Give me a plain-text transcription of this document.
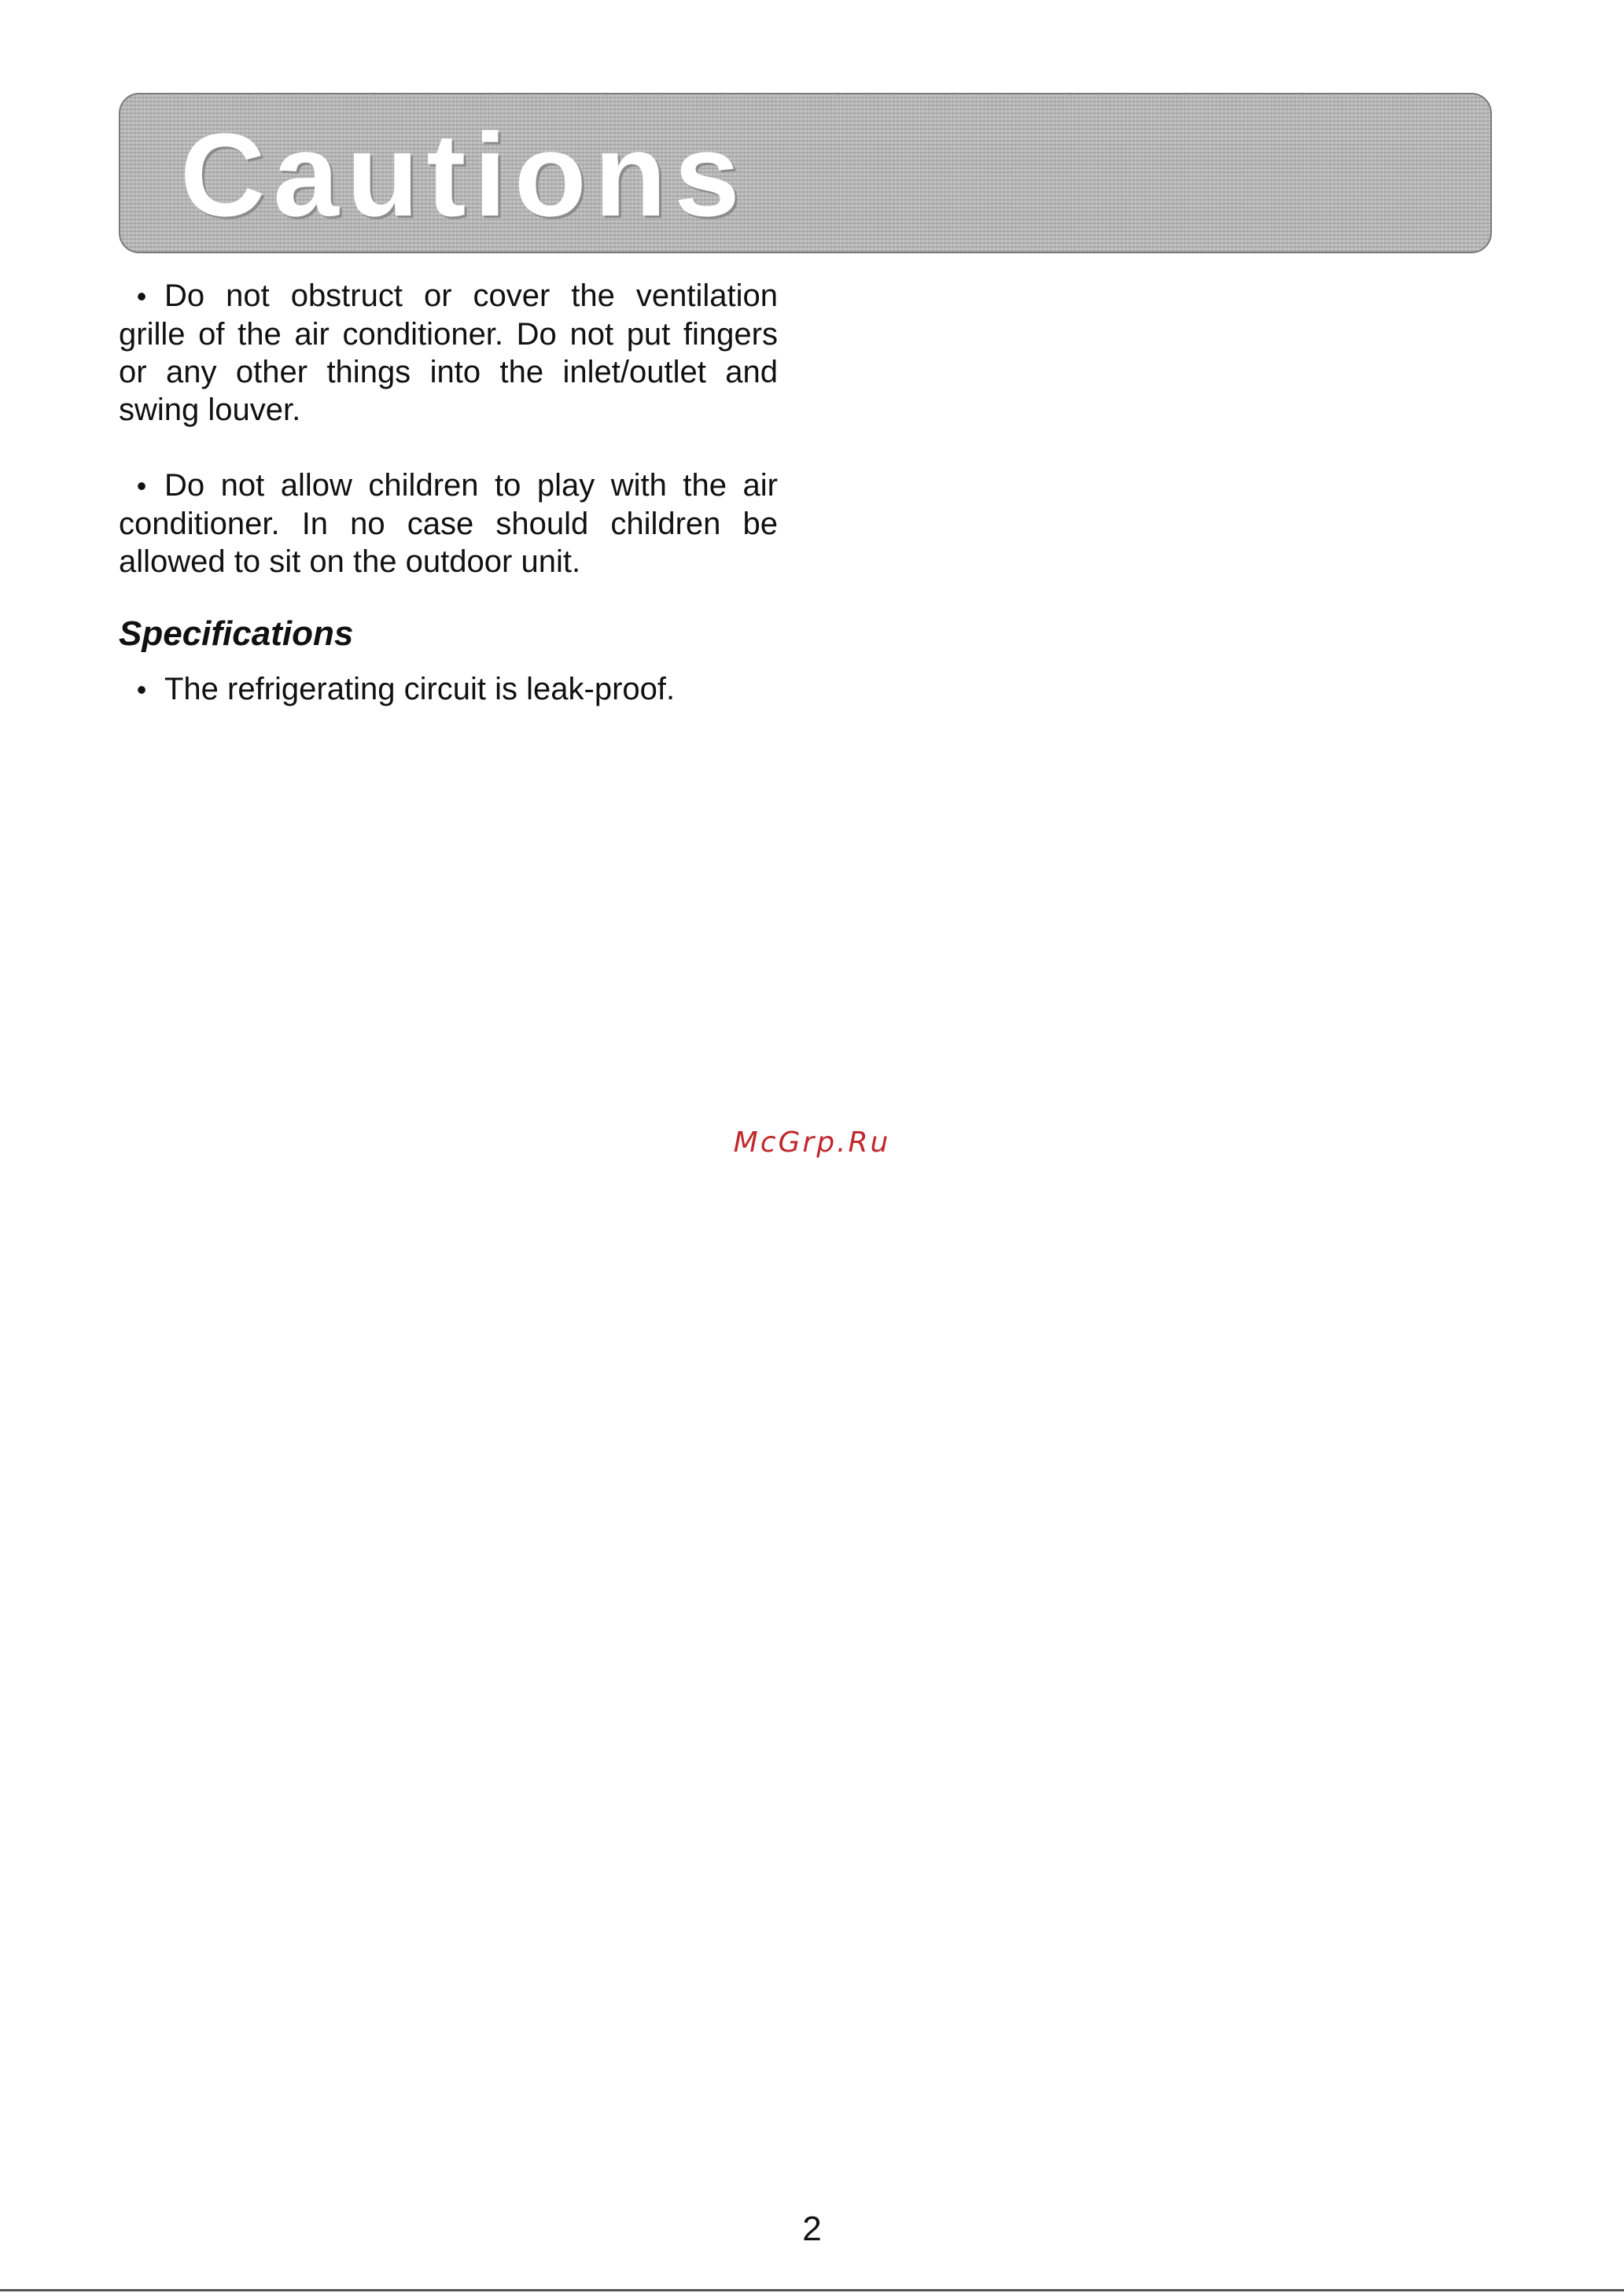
Cautions

• Do not obstruct or cover the ventilation grille of the air conditioner. Do not put fingers or any other things into the inlet/outlet and swing louver.

• Do not allow children to play with the air conditioner. In no case should children be allowed to sit on the outdoor unit.

Specifications

• The refrigerating circuit is leak-proof.

McGrp.Ru

2
